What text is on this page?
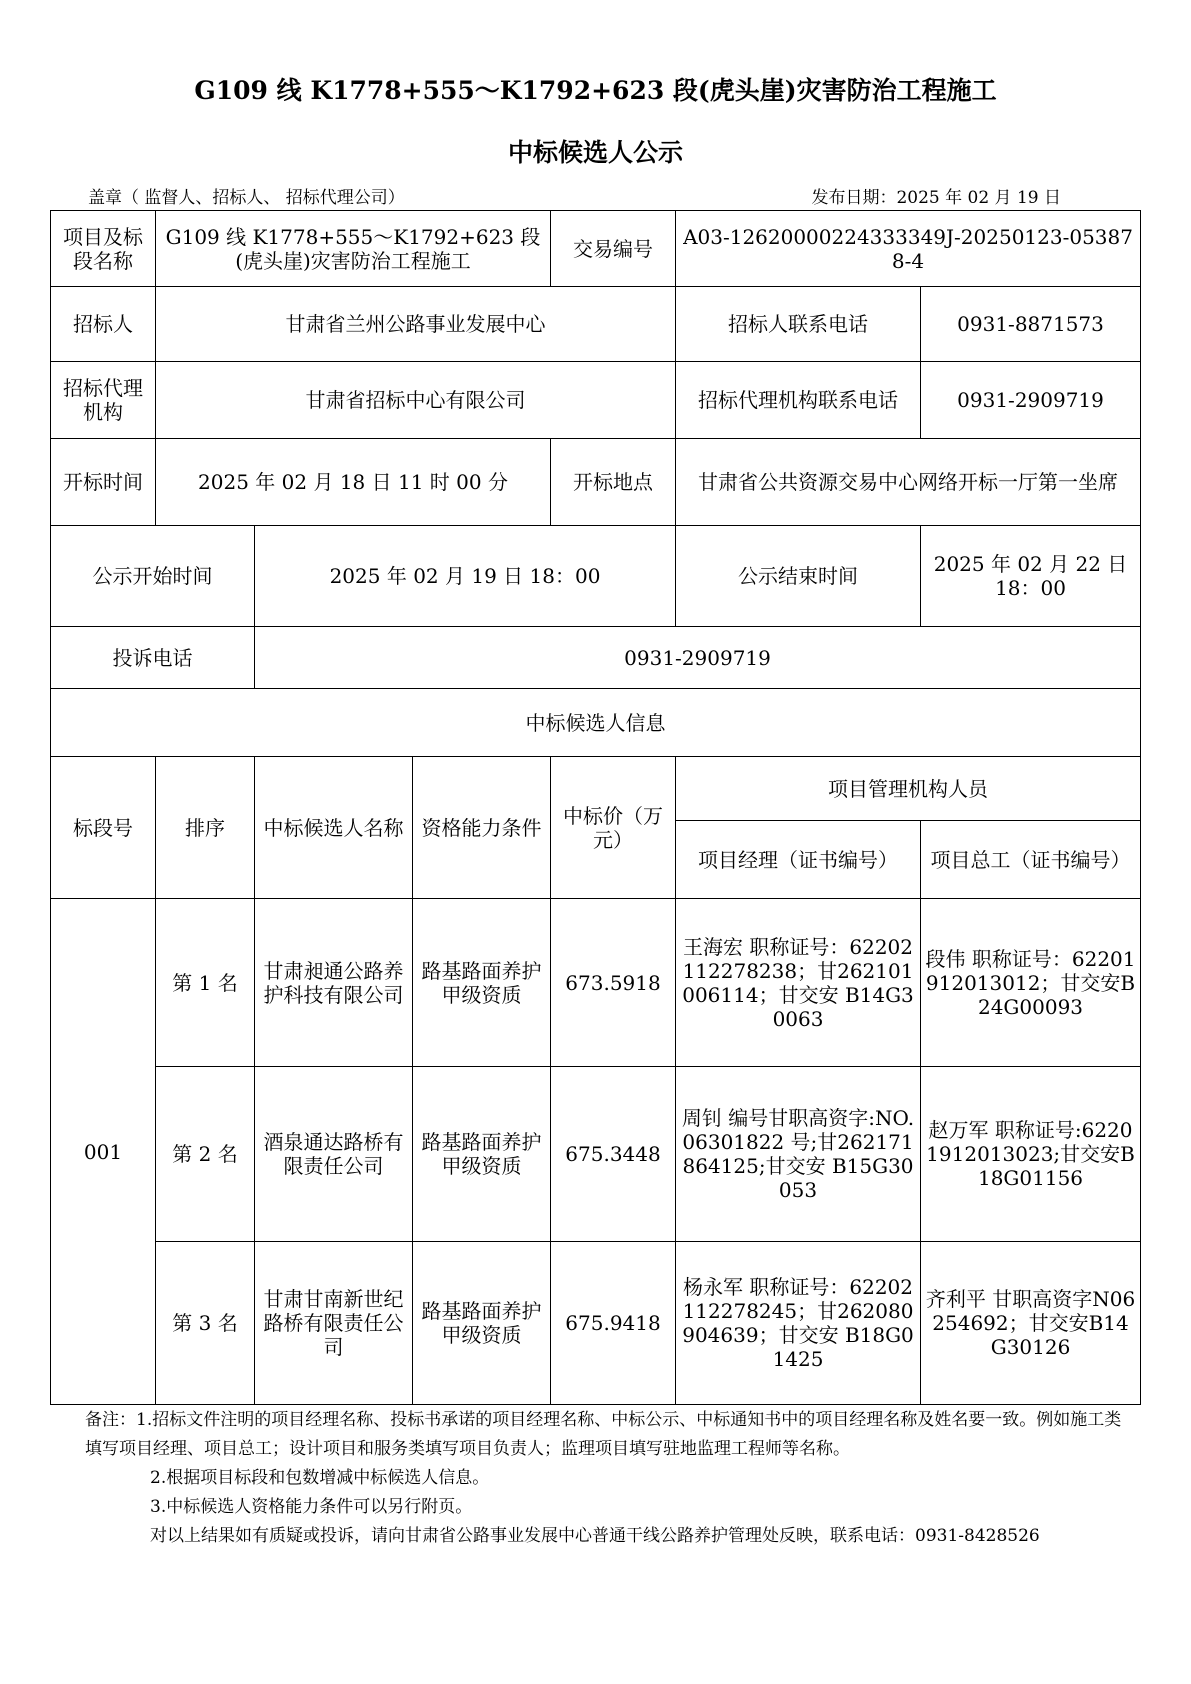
G109 线 K1778+555～K1792+623 段(虎头崖)灾害防治工程施工
中标候选人公示
盖章（ 监督人、招标人、 招标代理公司）	发布日期：2025 年 02 月 19 日
项目及标段名称	G109 线 K1778+555～K1792+623 段(虎头崖)灾害防治工程施工			交易编号	A03-12620000224333349J-20250123-053878-4	
招标人	甘肃省兰州公路事业发展中心				招标人联系电话	0931-8871573
招标代理机构	甘肃省招标中心有限公司				招标代理机构联系电话	0931-2909719
开标时间	2025 年 02 月 18 日 11 时 00 分			开标地点	甘肃省公共资源交易中心网络开标一厅第一坐席	
公示开始时间		2025 年 02 月 19 日 18：00			公示结束时间	2025 年 02 月 22 日 18：00
投诉电话		0931-2909719				
中标候选人信息						
标段号	排序	中标候选人名称	资格能力条件	中标价（万元）	项目管理机构人员	
					项目经理（证书编号）	项目总工（证书编号）
001	第 1 名	甘肃昶通公路养护科技有限公司	路基路面养护甲级资质	673.5918	王海宏 职称证号：62202112278238；甘262101006114；甘交安 B14G30063	段伟 职称证号：62201912013012；甘交安B24G00093
	第 2 名	酒泉通达路桥有限责任公司	路基路面养护甲级资质	675.3448	周钊 编号甘职高资字:NO.06301822 号;甘262171864125;甘交安 B15G30053	赵万军 职称证号:62201912013023;甘交安B18G01156
	第 3 名	甘肃甘南新世纪路桥有限责任公司	路基路面养护甲级资质	675.9418	杨永军 职称证号：62202112278245；甘262080904639；甘交安 B18G01425	齐利平 甘职高资字N06254692；甘交安B14G30126

备注：1.招标文件注明的项目经理名称、投标书承诺的项目经理名称、中标公示、中标通知书中的项目经理名称及姓名要一致。例如施工类填写项目经理、项目总工；设计项目和服务类填写项目负责人；监理项目填写驻地监理工程师等名称。

2.根据项目标段和包数增减中标候选人信息。

3.中标候选人资格能力条件可以另行附页。

对以上结果如有质疑或投诉，请向甘肃省公路事业发展中心普通干线公路养护管理处反映，联系电话：0931-8428526
